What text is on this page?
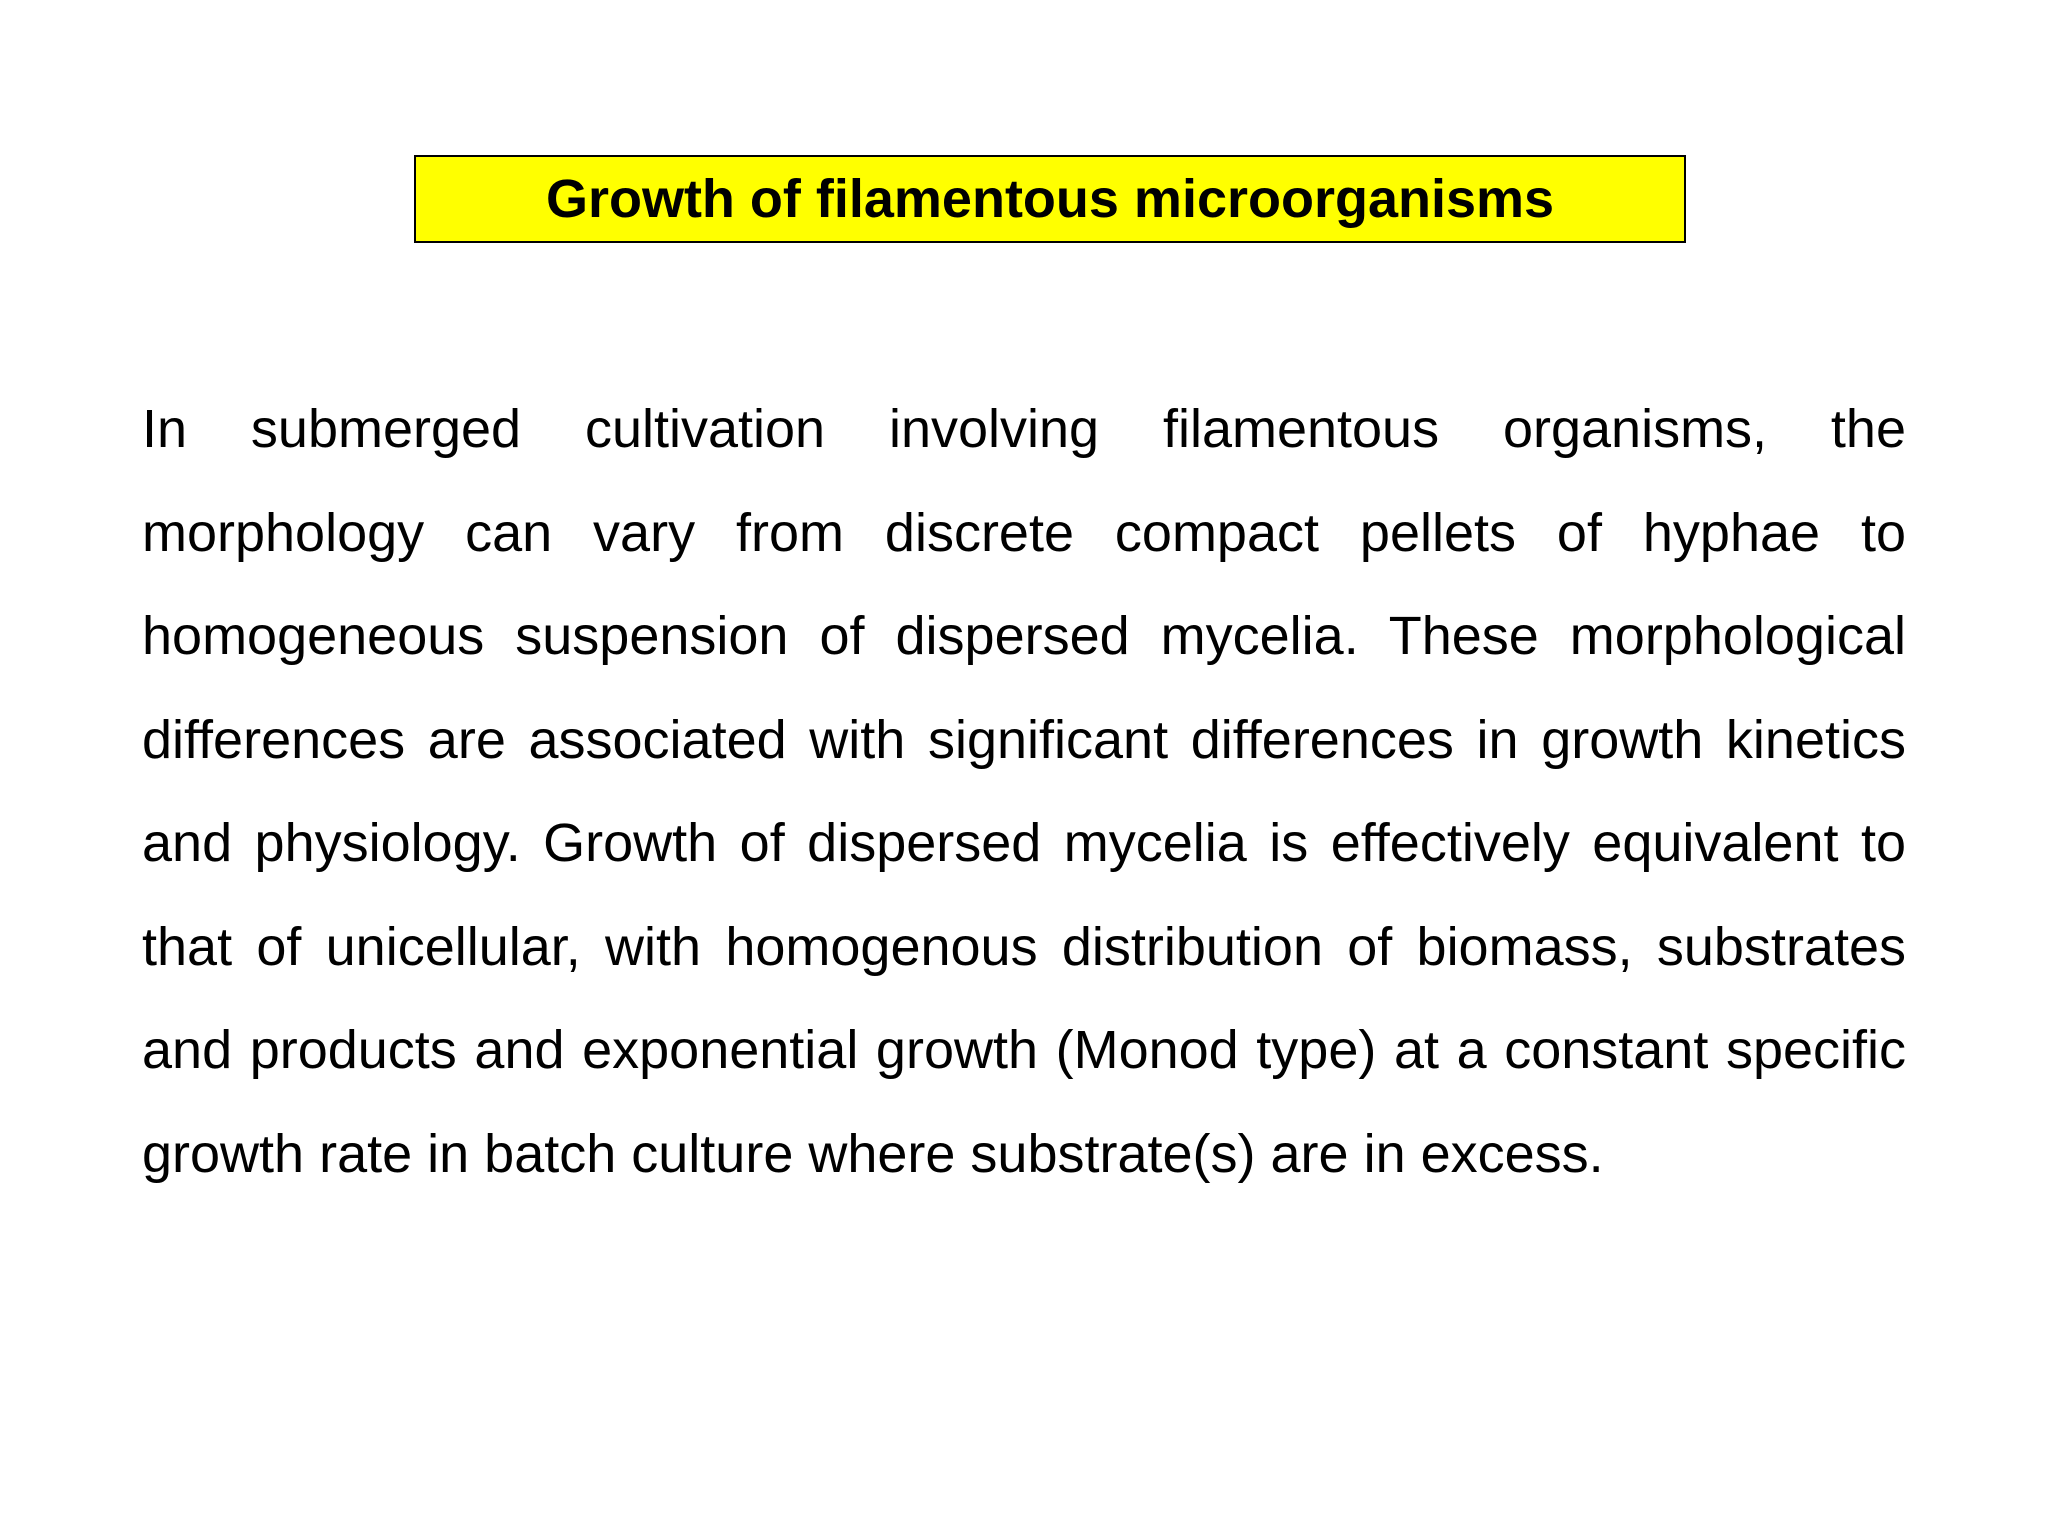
Growth of filamentous microorganisms

In submerged cultivation involving filamentous organisms, the morphology can vary from discrete compact pellets of hyphae to homogeneous suspension of dispersed mycelia. These morphological differences are associated with significant differences in growth kinetics and physiology. Growth of dispersed mycelia is effectively equivalent to that of unicellular, with homogenous distribution of biomass, substrates and products and exponential growth (Monod type) at a constant specific growth rate in batch culture where substrate(s) are in excess.
